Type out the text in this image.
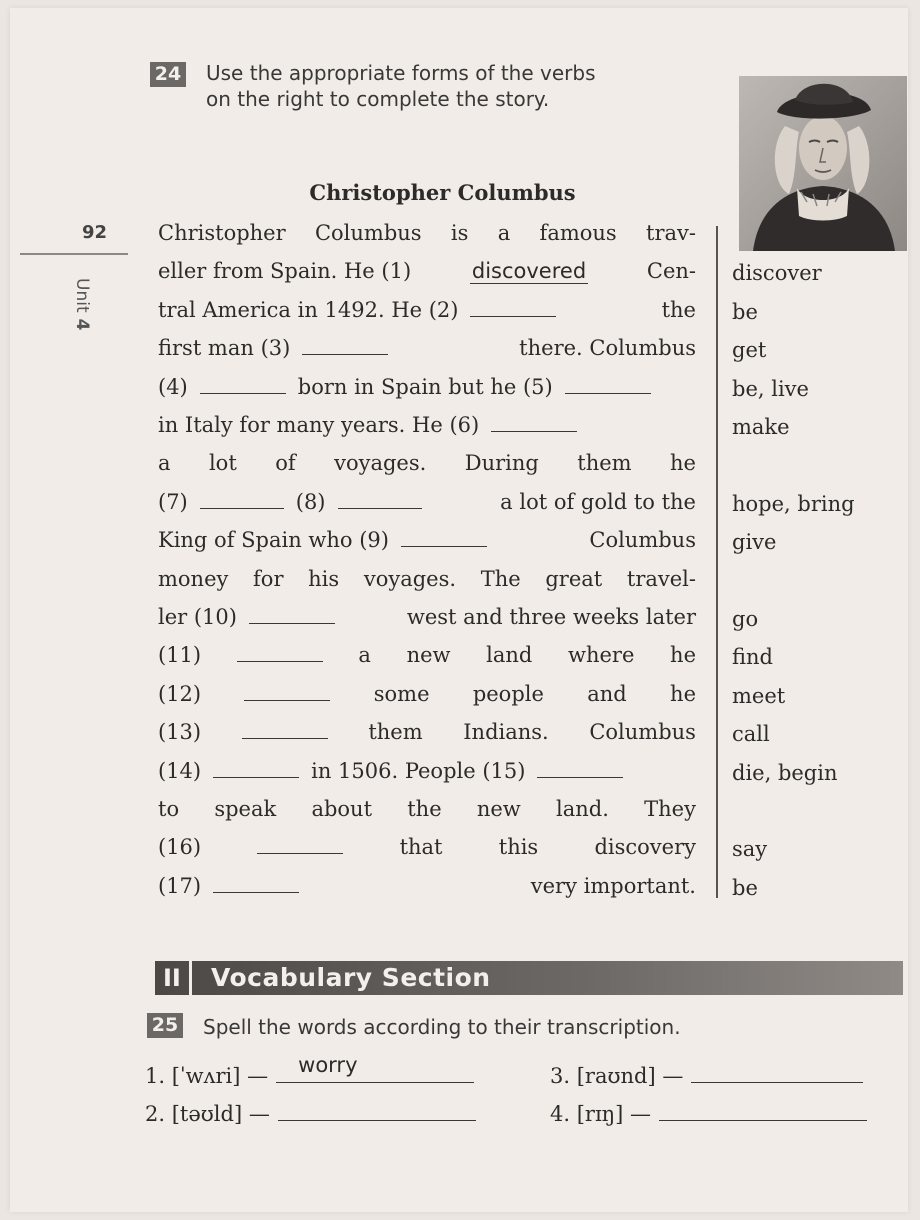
24 Use the appropriate forms of the verbs
on the right to complete the story.
Christopher Columbus
92
Unit4
Christopher Columbus is a famous trav-
eller from Spain. He (1)	discovered	Cen-
tral America in 1492. He (2)	the
first man (3)	there. Columbus
(4)	born in Spain but he (5)
in Italy for many years. He (6)
a lot of voyages. During them he
(7)	(8)	a lot of gold to the
King of Spain who (9)	Columbus
money for his voyages. The great travel-
ler (10)	west and three weeks later
(11)	a new land where he
(12)	some people and he
(13)	them Indians. Columbus
(14)	in 1506. People (15)
to speak about the new land. They
(16)	that	this	discovery
(17)	very important.
discover
be
get
be, live
make
hope, bring
give
go
find
meet
call
die, begin
say
be
II Vocabulary Section
25 Spell the words according to their transcription.
1. [ˈwʌri] — worry
2. [təʊld] —
3. [raʊnd] —
4. [rɪŋ] —
